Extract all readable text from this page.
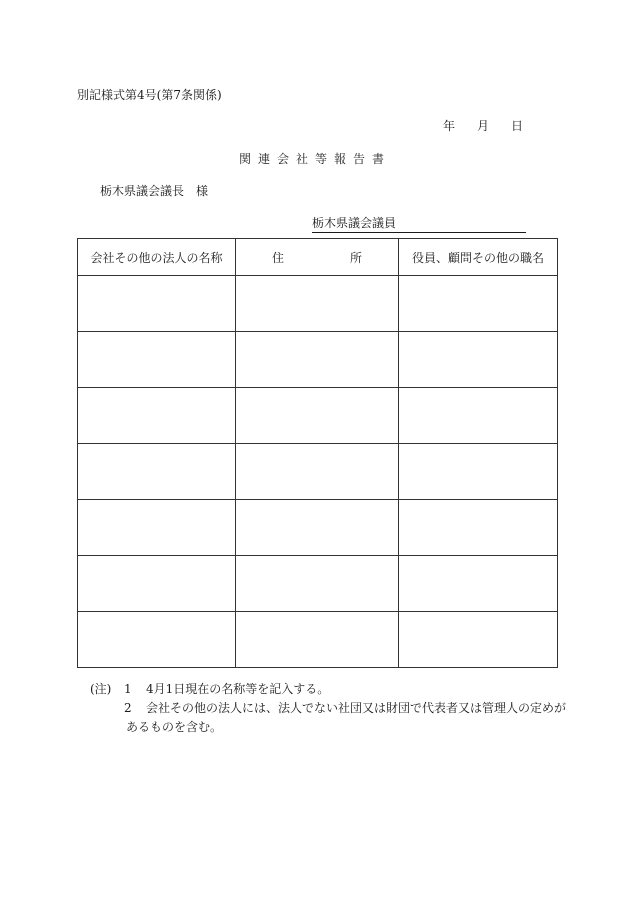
別記様式第4号(第7条関係)
年 月 日
関連会社等報告書
栃木県議会議長　様
栃木県議会議員
会社その他の法人の名称	住 所	役員、顧問その他の職名

(注) 1 4月1日現在の名称等を記入する。
2 会社その他の法人には、法人でない社団又は財団で代表者又は管理人の定めが
あるものを含む。
